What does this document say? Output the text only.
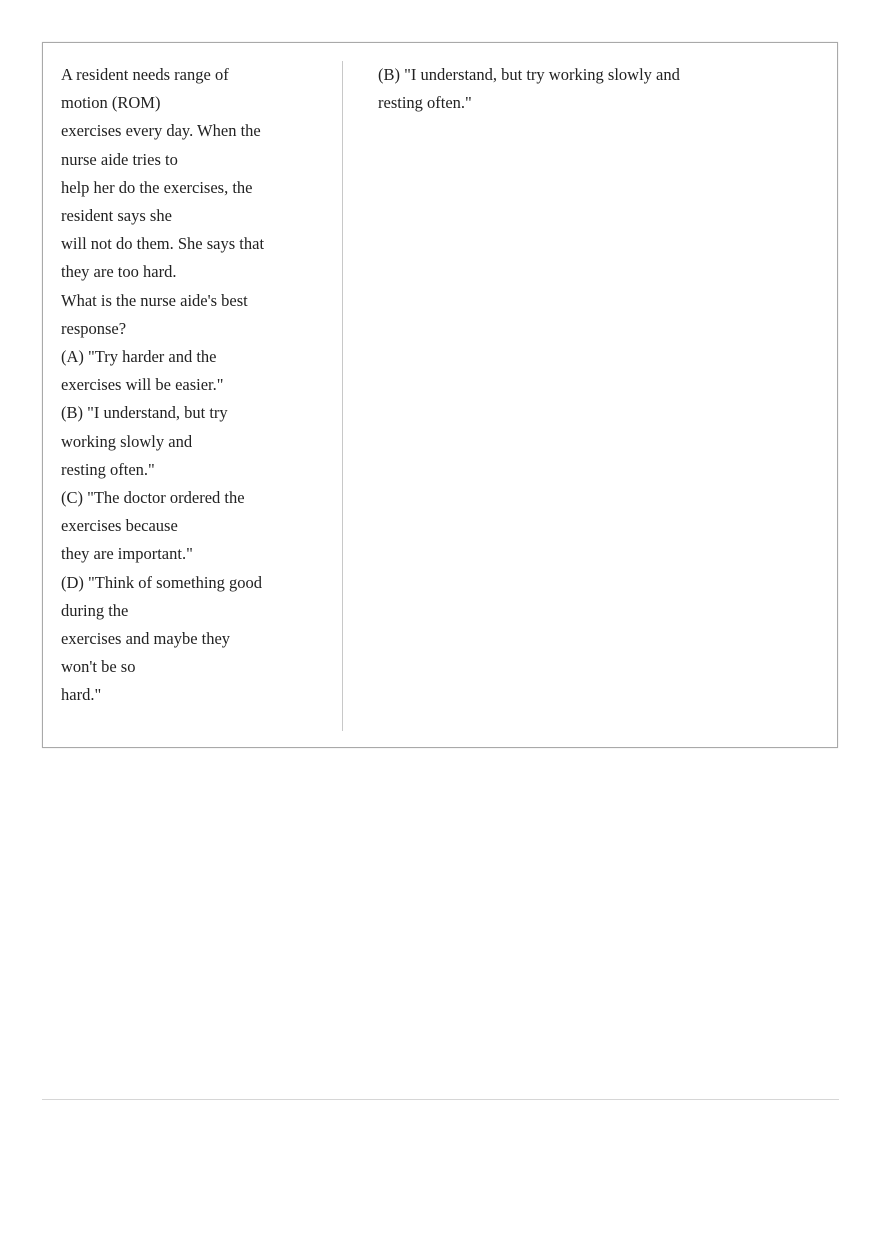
A resident needs range of
motion (ROM)
exercises every day. When the
nurse aide tries to
help her do the exercises, the
resident says she
will not do them. She says that
they are too hard.
What is the nurse aide's best
response?
(A) "Try harder and the
exercises will be easier."
(B) "I understand, but try
working slowly and
resting often."
(C) "The doctor ordered the
exercises because
they are important."
(D) "Think of something good
during the
exercises and maybe they
won't be so
hard."
(B) "I understand, but try working slowly and
resting often."
